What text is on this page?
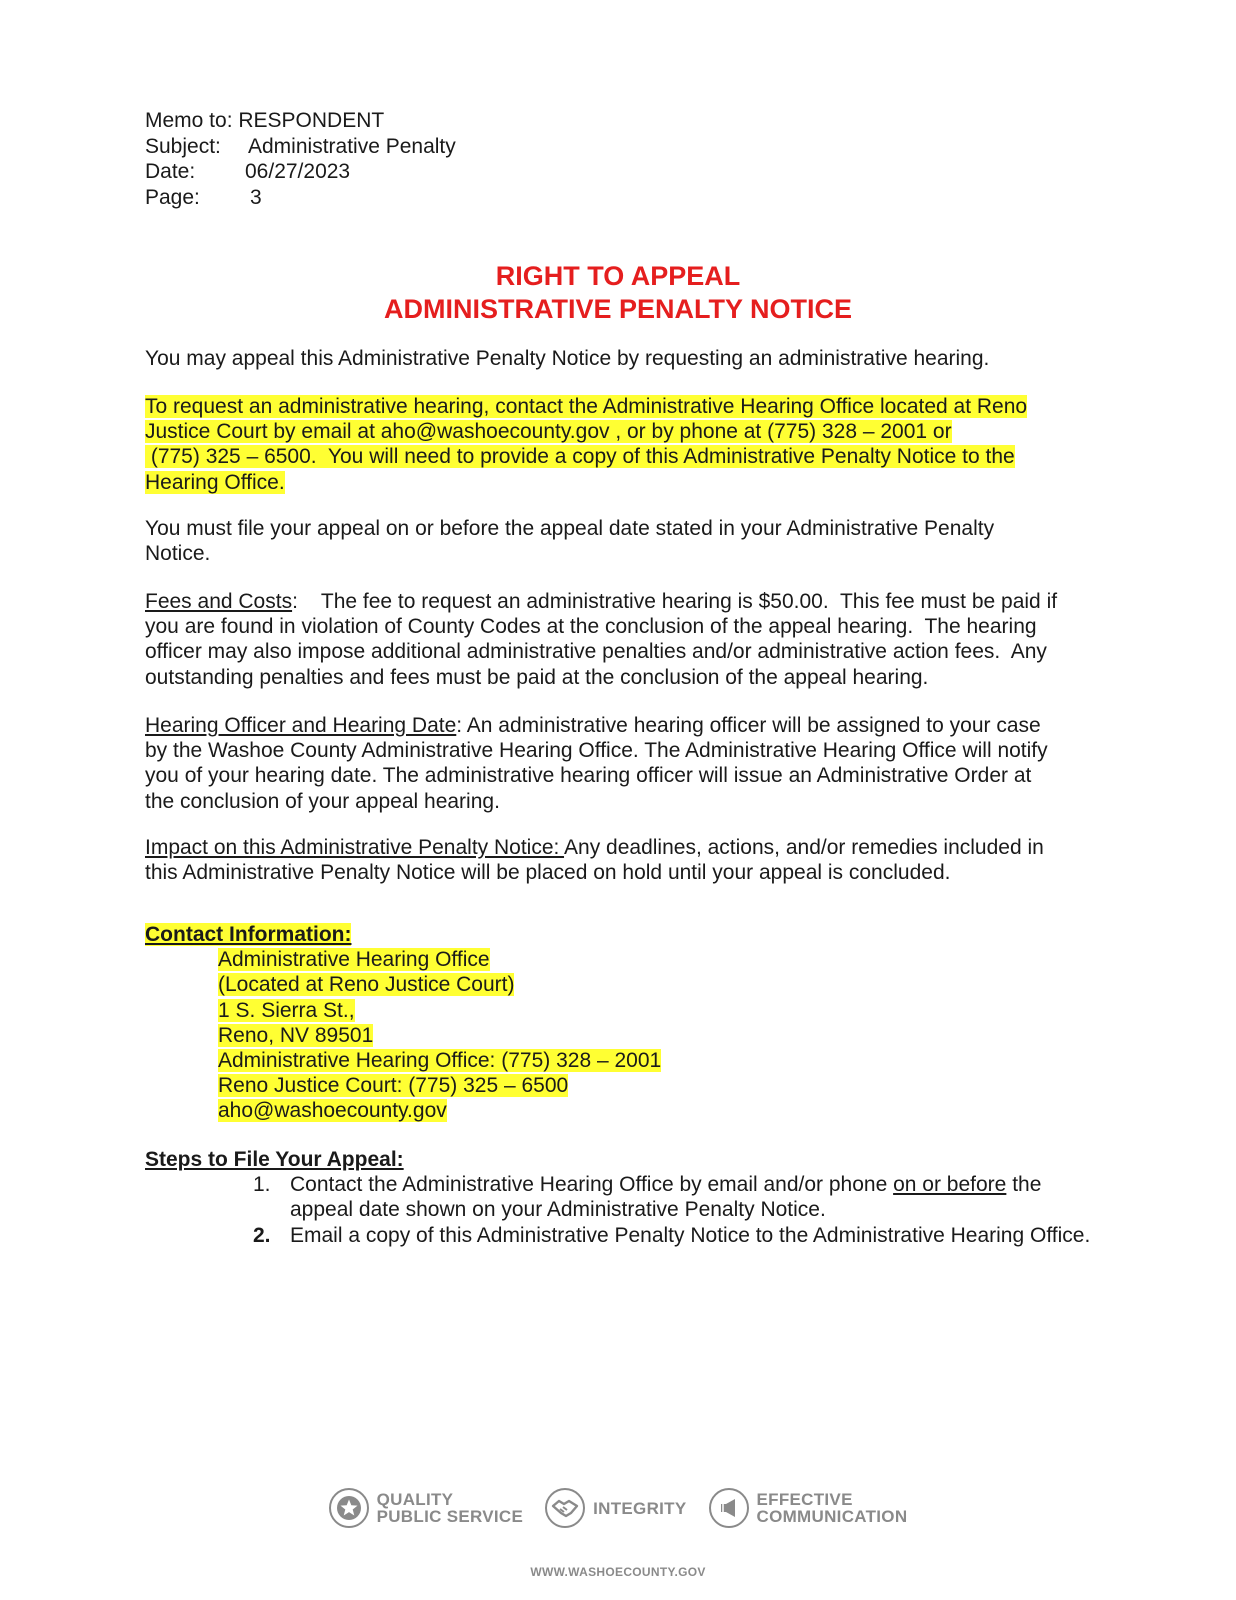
Memo to:
RESPONDENT
Subject:	Administrative Penalty
Date:	06/27/2023
Page:	3
RIGHT TO APPEAL
ADMINISTRATIVE PENALTY NOTICE
You may appeal this Administrative Penalty Notice by requesting an administrative hearing.
To request an administrative hearing, contact the Administrative Hearing Office located at Reno
Justice Court by email at aho@washoecounty.gov , or by phone at (775) 328 – 2001 or
(775) 325 – 6500.  You will need to provide a copy of this Administrative Penalty Notice to the
Hearing Office.
You must file your appeal on or before the appeal date stated in your Administrative Penalty Notice.
Fees and Costs:    The fee to request an administrative hearing is $50.00.  This fee must be paid if you are found in violation of County Codes at the conclusion of the appeal hearing.  The hearing officer may also impose additional administrative penalties and/or administrative action fees.  Any outstanding penalties and fees must be paid at the conclusion of the appeal hearing.
Hearing Officer and Hearing Date: An administrative hearing officer will be assigned to your case by the Washoe County Administrative Hearing Office. The Administrative Hearing Office will notify you of your hearing date. The administrative hearing officer will issue an Administrative Order at the conclusion of your appeal hearing.
Impact on this Administrative Penalty Notice: Any deadlines, actions, and/or remedies included in this Administrative Penalty Notice will be placed on hold until your appeal is concluded.
Contact Information:
Administrative Hearing Office
(Located at Reno Justice Court)
1 S. Sierra St.,
Reno, NV 89501
Administrative Hearing Office: (775) 328 – 2001
Reno Justice Court: (775) 325 – 6500
aho@washoecounty.gov
Steps to File Your Appeal:
1. Contact the Administrative Hearing Office by email and/or phone on or before the appeal date shown on your Administrative Penalty Notice.
2. Email a copy of this Administrative Penalty Notice to the Administrative Hearing Office.
QUALITY
PUBLIC SERVICE	INTEGRITY	EFFECTIVE
COMMUNICATION
WWW.WASHOECOUNTY.GOV
